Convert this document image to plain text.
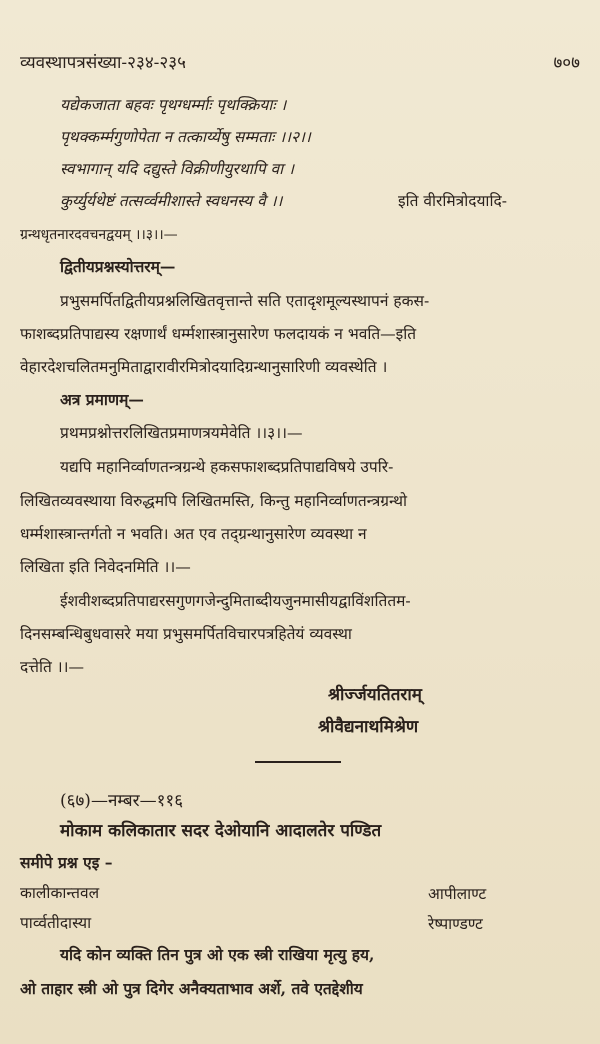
व्यवस्थापत्रसंख्या-२३४-२३५	७०७
यद्येकजाता बहवः पृथग्धर्म्माः पृथक्क्रियाः ।
पृथक्कर्म्मगुणोपेता न तत्कार्य्येषु सम्मताः ।।२।।
स्वभागान् यदि दद्युस्ते विक्रीणीयुरथापि वा ।
कुर्य्युर्यथेष्टं तत्सर्व्वमीशास्ते स्वधनस्य वै ।।	इति वीरमित्रोदयादि-
ग्रन्थधृतनारदवचनद्वयम् ।।३।।—
द्वितीयप्रश्नस्योत्तरम्—
प्रभुसमर्पितद्वितीयप्रश्नलिखितवृत्तान्ते सति एतादृशमूल्यस्थापनं हकस-
फाशब्दप्रतिपाद्यस्य रक्षणार्थं धर्म्मशास्त्रानुसारेण फलदायकं न भवति—इति
वेहारदेशचलितमनुमिताद्वारावीरमित्रोदयादिग्रन्थानुसारिणी व्यवस्थेति ।
अत्र प्रमाणम्—
प्रथमप्रश्नोत्तरलिखितप्रमाणत्रयमेवेति ।।३।।—
यद्यपि महानिर्व्वाणतन्त्रग्रन्थे हकसफाशब्दप्रतिपाद्यविषये उपरि-
लिखितव्यवस्थाया विरुद्धमपि लिखितमस्ति, किन्तु महानिर्व्वाणतन्त्रग्रन्थो
धर्म्मशास्त्रान्तर्गतो न भवति। अत एव तद्ग्रन्थानुसारेण व्यवस्था न
लिखिता इति निवेदनमिति ।।—
ईशवीशब्दप्रतिपाद्यरसगुणगजेन्दुमिताब्दीयजुनमासीयद्वाविंशतितम-
दिनसम्बन्धिबुधवासरे मया प्रभुसमर्पितविचारपत्रहितेयं व्यवस्था
दत्तेति ।।—
श्रीर्ज्जयतितराम्
श्रीवैद्यनाथमिश्रेण
(६७)—नम्बर—११६
मोकाम कलिकातार सदर देओयानि आदालतेर पण्डित
समीपे प्रश्न एइ –
कालीकान्तवल	आपीलाण्ट
पार्व्वतीदास्या	रेष्पाण्डण्ट
यदि कोन व्यक्ति तिन पुत्र ओ एक स्त्री राखिया मृत्यु हय,
ओ ताहार स्त्री ओ पुत्र दिगेर अनैक्यताभाव अर्शे, तवे एतद्देशीय
